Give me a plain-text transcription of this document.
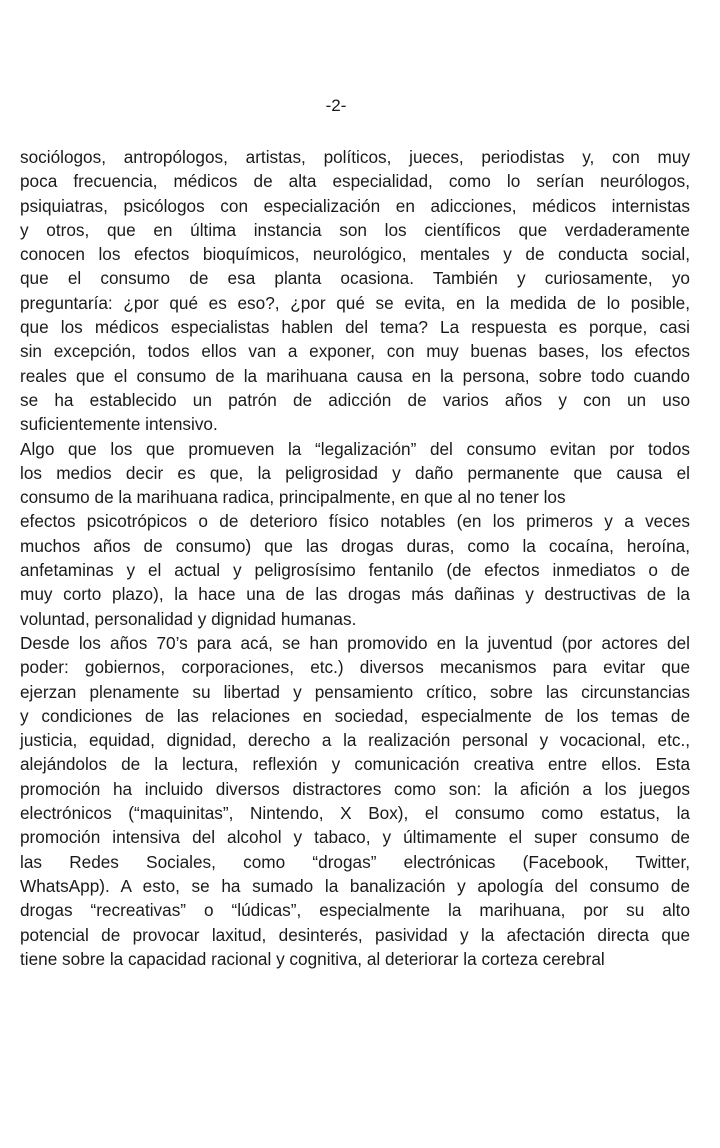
-2-
sociólogos, antropólogos, artistas, políticos, jueces, periodistas y, con muy
poca frecuencia, médicos de alta especialidad, como lo serían neurólogos,
psiquiatras, psicólogos con especialización en adicciones, médicos internistas
y otros, que en última instancia son los científicos que verdaderamente
conocen los efectos bioquímicos, neurológico, mentales y de conducta social,
que el consumo de esa planta ocasiona. También y curiosamente, yo
preguntaría: ¿por qué es eso?, ¿por qué se evita, en la medida de lo posible,
que los médicos especialistas hablen del tema? La respuesta es porque, casi
sin excepción, todos ellos van a exponer, con muy buenas bases, los efectos
reales que el consumo de la marihuana causa en la persona, sobre todo cuando
se ha establecido un patrón de adicción de varios años y con un uso
suficientemente intensivo.
Algo que los que promueven la “legalización” del consumo evitan por todos
los medios decir es que, la peligrosidad y daño permanente que causa el
consumo de la marihuana radica, principalmente, en que al no tener los
efectos psicotrópicos o de deterioro físico notables (en los primeros y a veces
muchos años de consumo) que las drogas duras, como la cocaína, heroína,
anfetaminas y el actual y peligrosísimo fentanilo (de efectos inmediatos o de
muy corto plazo), la hace una de las drogas más dañinas y destructivas de la
voluntad, personalidad y dignidad humanas.
Desde los años 70’s para acá, se han promovido en la juventud (por actores del
poder: gobiernos, corporaciones, etc.) diversos mecanismos para evitar que
ejerzan plenamente su libertad y pensamiento crítico, sobre las circunstancias
y condiciones de las relaciones en sociedad, especialmente de los temas de
justicia, equidad, dignidad, derecho a la realización personal y vocacional, etc.,
alejándolos de la lectura, reflexión y comunicación creativa entre ellos. Esta
promoción ha incluido diversos distractores como son: la afición a los juegos
electrónicos (“maquinitas”, Nintendo, X Box), el consumo como estatus, la
promoción intensiva del alcohol y tabaco, y últimamente el super consumo de
las Redes Sociales, como “drogas” electrónicas (Facebook, Twitter,
WhatsApp). A esto, se ha sumado la banalización y apología del consumo de
drogas “recreativas” o “lúdicas”, especialmente la marihuana, por su alto
potencial de provocar laxitud, desinterés, pasividad y la afectación directa que
tiene sobre la capacidad racional y cognitiva, al deteriorar la corteza cerebral
